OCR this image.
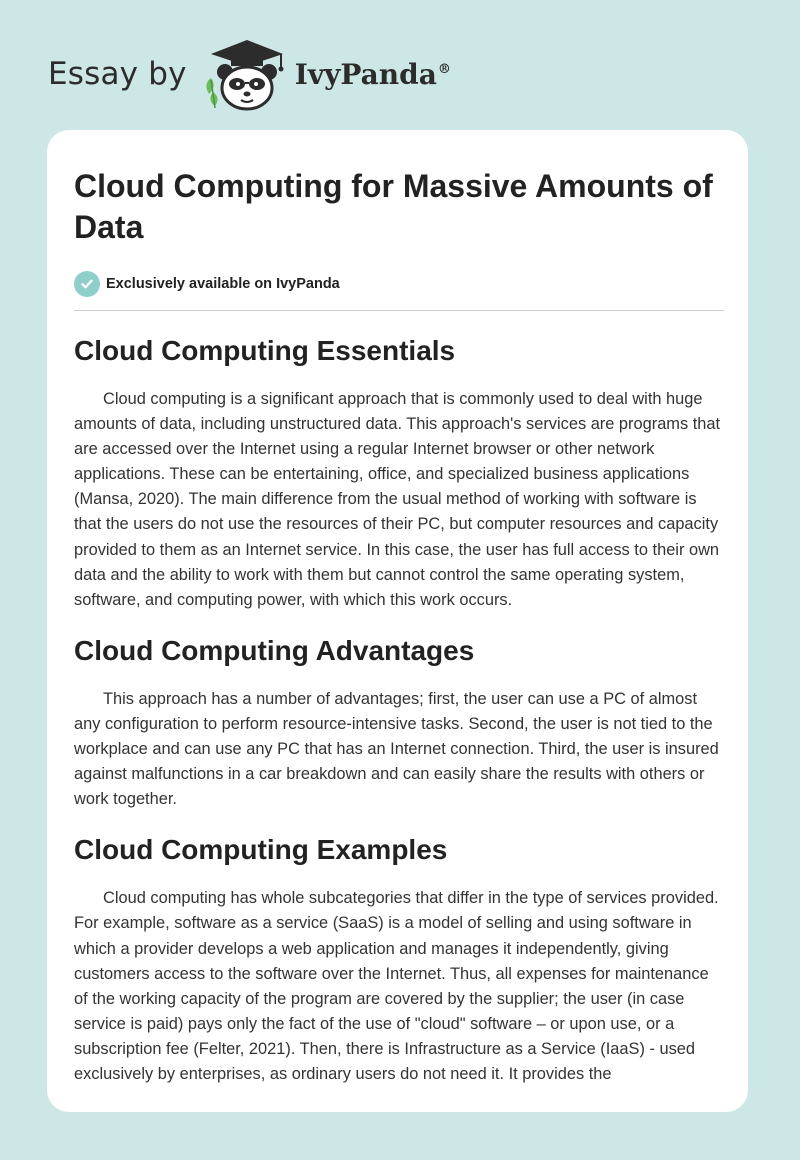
Essay by	IvyPanda®
Cloud Computing for Massive Amounts of Data
Exclusively available on IvyPanda
Cloud Computing Essentials

Cloud computing is a significant approach that is commonly used to deal with huge amounts of data, including unstructured data. This approach's services are programs that are accessed over the Internet using a regular Internet browser or other network applications. These can be entertaining, office, and specialized business applications (Mansa, 2020). The main difference from the usual method of working with software is that the users do not use the resources of their PC, but computer resources and capacity provided to them as an Internet service. In this case, the user has full access to their own data and the ability to work with them but cannot control the same operating system, software, and computing power, with which this work occurs.

Cloud Computing Advantages

This approach has a number of advantages; first, the user can use a PC of almost any configuration to perform resource-intensive tasks. Second, the user is not tied to the workplace and can use any PC that has an Internet connection. Third, the user is insured against malfunctions in a car breakdown and can easily share the results with others or work together.

Cloud Computing Examples

Cloud computing has whole subcategories that differ in the type of services provided. For example, software as a service (SaaS) is a model of selling and using software in which a provider develops a web application and manages it independently, giving customers access to the software over the Internet. Thus, all expenses for maintenance of the working capacity of the program are covered by the supplier; the user (in case service is paid) pays only the fact of the use of "cloud" software – or upon use, or a subscription fee (Felter, 2021). Then, there is Infrastructure as a Service (IaaS) - used exclusively by enterprises, as ordinary users do not need it. It provides the
